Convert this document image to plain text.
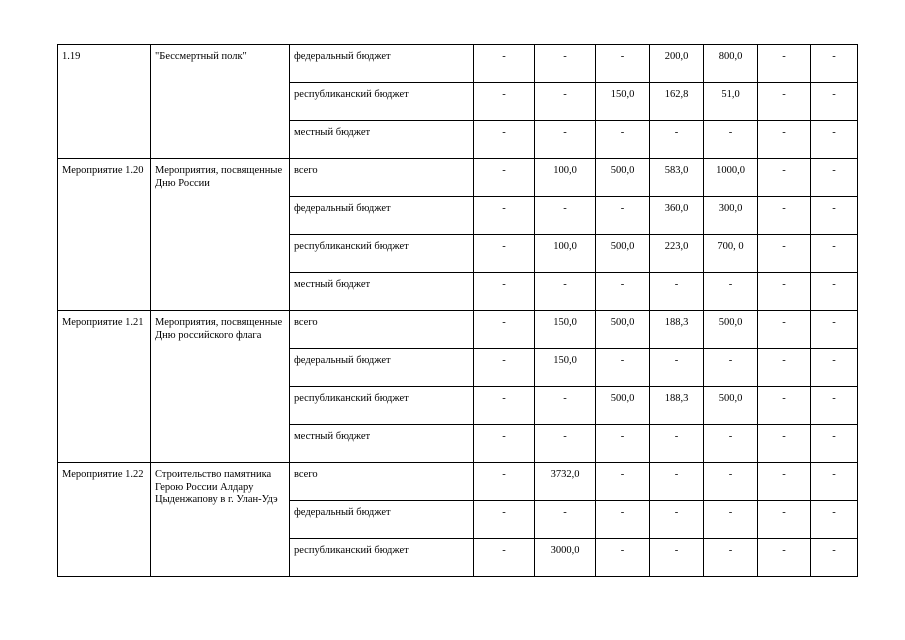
1.19	"Бессмертный полк"	федеральный бюджет	-	-	-	200,0	800,0	-	-
		республиканский бюджет	-	-	150,0	162,8	51,0	-	-
		местный бюджет	-	-	-	-	-	-	-
Мероприятие 1.20	Мероприятия, посвященные Дню России	всего	-	100,0	500,0	583,0	1000,0	-	-
		федеральный бюджет	-	-	-	360,0	300,0	-	-
		республиканский бюджет	-	100,0	500,0	223,0	700, 0	-	-
		местный бюджет	-	-	-	-	-	-	-
Мероприятие 1.21	Мероприятия, посвященные Дню российского флага	всего	-	150,0	500,0	188,3	500,0	-	-
		федеральный бюджет	-	150,0	-	-	-	-	-
		республиканский бюджет	-	-	500,0	188,3	500,0	-	-
		местный бюджет	-	-	-	-	-	-	-
Мероприятие 1.22	Строительство памятника Герою России Алдару Цыденжапову в г. Улан-Удэ	всего	-	3732,0	-	-	-	-	-
		федеральный бюджет	-	-	-	-	-	-	-
		республиканский бюджет	-	3000,0	-	-	-	-	-
